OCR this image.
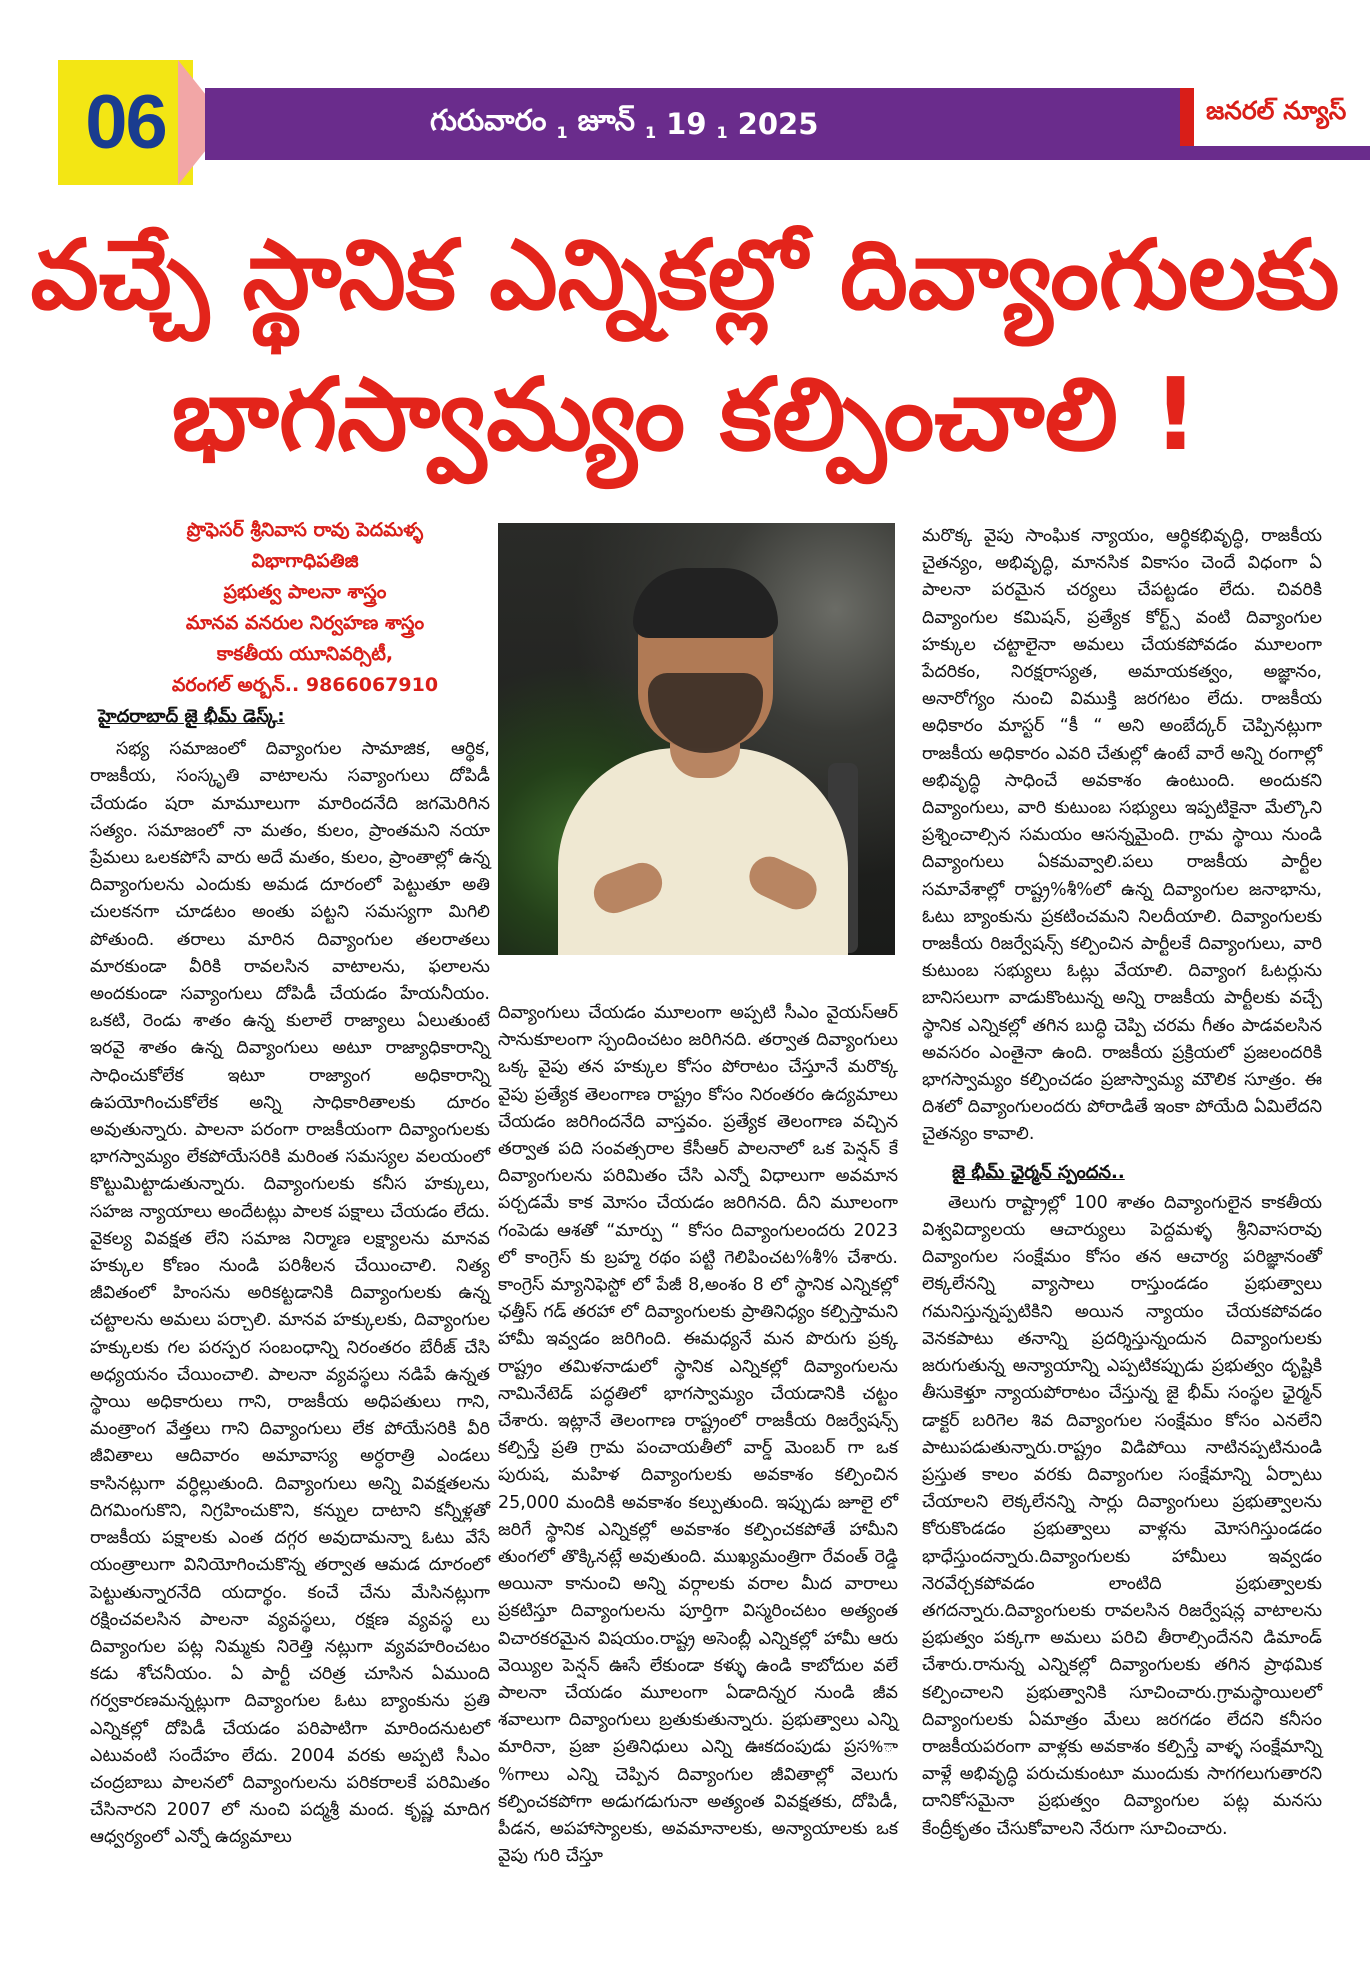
06	గురువారం 1 జూన్ 1 19 1 2025	జనరల్ న్యూస్
వచ్చే స్థానిక ఎన్నికల్లో దివ్యాంగులకు
భాగస్వామ్యం కల్పించాలి !
ప్రొఫెసర్ శ్రీనివాస రావు పెదమళ్ళ
విభాగాధిపతిజి
ప్రభుత్వ పాలనా శాస్త్రం
మానవ వనరుల నిర్వహణ శాస్త్రం
కాకతీయ యూనివర్సిటీ,
వరంగల్ అర్బన్.. 9866067910
హైదరాబాద్ జై భీమ్ డెస్క్:

సభ్య సమాజంలో దివ్యాంగుల సామాజిక, ఆర్థిక, రాజకీయ, సంస్కృతి వాటాలను సవ్యాంగులు దోపిడీ చేయడం షరా మామూలుగా మారిందనేది జగమెరిగిన సత్యం. సమాజంలో నా మతం, కులం, ప్రాంతమని నయా ప్రేమలు ఒలకపోసే వారు అదే మతం, కులం, ప్రాంతాల్లో ఉన్న దివ్యాంగులను ఎందుకు అమడ దూరంలో పెట్టుతూ అతి చులకనగా చూడటం అంతు పట్టని సమస్యగా మిగిలి పోతుంది. తరాలు మారిన దివ్యాంగుల తలరాతలు మారకుండా వీరికి రావలసిన వాటాలను, ఫలాలను అందకుండా సవ్యాంగులు దోపిడీ చేయడం హేయనీయం. ఒకటి, రెండు శాతం ఉన్న కులాలే రాజ్యాలు ఏలుతుంటే ఇరవై శాతం ఉన్న దివ్యాంగులు అటూ రాజ్యాధికారాన్ని సాధించుకోలేక ఇటూ రాజ్యాంగ అధికారాన్ని ఉపయోగించుకోలేక అన్ని సాధికారితాలకు దూరం అవుతున్నారు. పాలనా పరంగా రాజకీయంగా దివ్యాంగులకు భాగస్వామ్యం లేకపోయేసరికి మరింత సమస్యల వలయంలో కొట్టుమిట్టాడుతున్నారు. దివ్యాంగులకు కనీస హక్కులు, సహజ న్యాయాలు అందేటట్లు పాలక పక్షాలు చేయడం లేదు. వైకల్య వివక్షత లేని సమాజ నిర్మాణ లక్ష్యాలను మానవ హక్కుల కోణం నుండి పరిశీలన చేయించాలి. నిత్య జీవితంలో హింసను అరికట్టడానికి దివ్యాంగులకు ఉన్న చట్టాలను అమలు పర్చాలి. మానవ హక్కులకు, దివ్యాంగుల హక్కులకు గల పరస్పర సంబంధాన్ని నిరంతరం బేరీజ్ చేసి అధ్యయనం చేయించాలి. పాలనా వ్యవస్థలు నడిపే ఉన్నత స్థాయి అధికారులు గాని, రాజకీయ అధిపతులు గాని, మంత్రాంగ వేత్తలు గాని దివ్యాంగులు లేక పోయేసరికి వీరి జీవితాలు ఆదివారం అమావాస్య అర్ధరాత్రి ఎండలు కాసినట్లుగా వర్ధిల్లుతుంది. దివ్యాంగులు అన్ని వివక్షతలను దిగమింగుకొని, నిగ్రహించుకొని, కన్నుల దాటాని కన్నీళ్లతో రాజకీయ పక్షాలకు ఎంత దగ్గర అవుదామన్నా ఓటు వేసే యంత్రాలుగా వినియోగించుకొన్న తర్వాత ఆమడ దూరంలో పెట్టుతున్నారనేది యదార్థం. కంచే చేను మేసినట్లుగా రక్షించవలసిన పాలనా వ్యవస్థలు, రక్షణ వ్యవస్థ లు దివ్యాంగుల పట్ల నిమ్మకు నిరెత్తి నట్లుగా వ్యవహరించటం కడు శోచనీయం. ఏ పార్టీ చరిత్ర చూసిన ఏముంది గర్వకారణమన్నట్లుగా దివ్యాంగుల ఓటు బ్యాంకును ప్రతి ఎన్నికల్లో దోపిడీ చేయడం పరిపాటిగా మారిందనుటలో ఎటువంటి సందేహం లేదు. 2004 వరకు అప్పటి సీఎం చంద్రబాబు పాలనలో దివ్యాంగులను పరికరాలకే పరిమితం చేసినారని 2007 లో నుంచి పద్మశ్రీ మంద. కృష్ణ మాదిగ ఆధ్వర్యంలో ఎన్నో ఉద్యమాలు

దివ్యాంగులు చేయడం మూలంగా అప్పటి సీఎం వైయస్ఆర్ సానుకూలంగా స్పందించటం జరిగినది. తర్వాత దివ్యాంగులు ఒక్క వైపు తన హక్కుల కోసం పోరాటం చేస్తూనే మరొక్క వైపు ప్రత్యేక తెలంగాణ రాష్ట్రం కోసం నిరంతరం ఉద్యమాలు చేయడం జరిగిందనేది వాస్తవం. ప్రత్యేక తెలంగాణ వచ్చిన తర్వాత పది సంవత్సరాల కేసీఆర్ పాలనాలో ఒక పెన్షన్ కే దివ్యాంగులను పరిమితం చేసి ఎన్నో విధాలుగా అవమాన పర్చడమే కాక మోసం చేయడం జరిగినది. దీని మూలంగా గంపెడు ఆశతో “మార్పు “ కోసం దివ్యాంగులందరు 2023 లో కాంగ్రెస్ కు బ్రహ్మ రథం పట్టి గెలిపించట%శీ% చేశారు. కాంగ్రెస్ మ్యానిఫెస్టో లో పేజీ 8,అంశం 8 లో స్థానిక ఎన్నికల్లో ఛత్తీస్ గడ్ తరహా లో దివ్యాంగులకు ప్రాతినిధ్యం కల్పిస్తామని హామీ ఇవ్వడం జరిగింది. ఈమధ్యనే మన పొరుగు ప్రక్క రాష్ట్రం తమిళనాడులో స్థానిక ఎన్నికల్లో దివ్యాంగులను నామినేటెడ్ పద్ధతిలో భాగస్వామ్యం చేయడానికి చట్టం చేశారు. ఇట్లానే తెలంగాణ రాష్ట్రంలో రాజకీయ రిజర్వేషన్స్ కల్పిస్తే ప్రతి గ్రామ పంచాయతీలో వార్డ్ మెంబర్ గా ఒక పురుష, మహిళ దివ్యాంగులకు అవకాశం కల్పించిన 25,000 మందికి అవకాశం కల్పుతుంది. ఇప్పుడు జూలై లో జరిగే స్థానిక ఎన్నికల్లో అవకాశం కల్పించకపోతే హామీని తుంగలో తొక్కినట్లే అవుతుంది. ముఖ్యమంత్రిగా రేవంత్ రెడ్డి అయినా కానుంచి అన్ని వర్గాలకు వరాల మీద వారాలు ప్రకటిస్తూ దివ్యాంగులను పూర్తిగా విస్మరించటం అత్యంత విచారకరమైన విషయం.రాష్ట్ర అసెంబ్లీ ఎన్నికల్లో హామీ ఆరు వెయ్యిల పెన్షన్ ఊసే లేకుండా కళ్ళు ఉండి కాబోదుల వలే పాలనా చేయడం మూలంగా ఏడాదిన్నర నుండి జీవ శవాలుగా దివ్యాంగులు బ్రతుకుతున్నారు. ప్రభుత్వాలు ఎన్ని మారినా, ప్రజా ప్రతినిధులు ఎన్ని ఊకదంపుడు ప్రస%ా%గాలు ఎన్ని చెప్పిన దివ్యాంగుల జీవితాల్లో వెలుగు కల్పించకపోగా అడుగడుగునా అత్యంత వివక్షతకు, దోపిడీ, పీడన, అపహాస్యాలకు, అవమానాలకు, అన్యాయాలకు ఒక వైపు గురి చేస్తూ

మరొక్క వైపు సాంఘిక న్యాయం, ఆర్థికభివృద్ధి, రాజకీయ చైతన్యం, అభివృద్ధి, మానసిక వికాసం చెందే విధంగా ఏ పాలనా పరమైన చర్యలు చేపట్టడం లేదు. చివరికి దివ్యాంగుల కమిషన్, ప్రత్యేక కోర్ట్స్ వంటి దివ్యాంగుల హక్కుల చట్టాలైనా అమలు చేయకపోవడం మూలంగా పేదరికం, నిరక్షరాస్యత, అమాయకత్వం, అజ్ఞానం, అనారోగ్యం నుంచి విముక్తి జరగటం లేదు. రాజకీయ అధికారం మాస్టర్ “కీ “ అని అంబేద్కర్ చెప్పినట్లుగా రాజకీయ అధికారం ఎవరి చేతుల్లో ఉంటే వారే అన్ని రంగాల్లో అభివృద్ధి సాధించే అవకాశం ఉంటుంది. అందుకని దివ్యాంగులు, వారి కుటుంబ సభ్యులు ఇప్పటికైనా మేల్కొని ప్రశ్నించాల్సిన సమయం ఆసన్నమైంది. గ్రామ స్థాయి నుండి దివ్యాంగులు ఏకమవ్వాలి.పలు రాజకీయ పార్టీల సమావేశాల్లో రాష్ట్ర%శీ%లో ఉన్న దివ్యాంగుల జనాభాను, ఓటు బ్యాంకును ప్రకటించమని నిలదీయాలి. దివ్యాంగులకు రాజకీయ రిజర్వేషన్స్ కల్పించిన పార్టీలకే దివ్యాంగులు, వారి కుటుంబ సభ్యులు ఓట్లు వేయాలి. దివ్యాంగ ఓటర్లును బానిసలుగా వాడుకొంటున్న అన్ని రాజకీయ పార్టీలకు వచ్చే స్థానిక ఎన్నికల్లో తగిన బుద్ధి చెప్పి చరమ గీతం పాడవలసిన అవసరం ఎంతైనా ఉంది. రాజకీయ ప్రక్రియలో ప్రజలందరికి భాగస్వామ్యం కల్పించడం ప్రజాస్వామ్య మౌలిక సూత్రం. ఈ దిశలో దివ్యాంగులందరు పోరాడితే ఇంకా పోయేది ఏమిలేదని చైతన్యం కావాలి.

జై భీమ్ ఛైర్మన్ స్పందన..

తెలుగు రాష్ట్రాల్లో 100 శాతం దివ్యాంగులైన కాకతీయ విశ్వవిద్యాలయ ఆచార్యులు పెద్దమళ్ళ శ్రీనివాసరావు దివ్యాంగుల సంక్షేమం కోసం తన ఆచార్య పరిజ్ఞానంతో లెక్కలేనన్ని వ్యాసాలు రాస్తుండడం ప్రభుత్వాలు గమనిస్తున్నప్పటికిని అయిన న్యాయం చేయకపోవడం వెనకపాటు తనాన్ని ప్రదర్శిస్తున్నందున దివ్యాంగులకు జరుగుతున్న అన్యాయాన్ని ఎప్పటికప్పుడు ప్రభుత్వం దృష్టికి తీసుకెళ్తూ న్యాయపోరాటం చేస్తున్న జై భీమ్ సంస్థల ఛైర్మన్ డాక్టర్ బరిగెల శివ దివ్యాంగుల సంక్షేమం కోసం ఎనలేని పాటుపడుతున్నారు.రాష్ట్రం విడిపోయి నాటినప్పటినుండి ప్రస్తుత కాలం వరకు దివ్యాంగుల సంక్షేమాన్ని ఏర్పాటు చేయాలని లెక్కలేనన్ని సార్లు దివ్యాంగులు ప్రభుత్వాలను కోరుకొండడం ప్రభుత్వాలు వాళ్లను మోసగిస్తుండడం భాధేస్తుందన్నారు.దివ్యాంగులకు హామీలు ఇవ్వడం నెరవేర్చకపోవడం లాంటిది ప్రభుత్వాలకు తగదన్నారు.దివ్యాంగులకు రావలసిన రిజర్వేషన్ల వాటాలను ప్రభుత్వం పక్కగా అమలు పరిచి తీరాల్సిందేనని డిమాండ్ చేశారు.రానున్న ఎన్నికల్లో దివ్యాంగులకు తగిన ప్రాథమిక కల్పించాలని ప్రభుత్వానికి సూచించారు.గ్రామస్థాయిలలో దివ్యాంగులకు ఏమాత్రం మేలు జరగడం లేదని కనీసం రాజకీయపరంగా వాళ్లకు అవకాశం కల్పిస్తే వాళ్ళ సంక్షేమాన్ని వాళ్లే అభివృద్ధి పరుచుకుంటూ ముందుకు సాగగలుగుతారని దానికోసమైనా ప్రభుత్వం దివ్యాంగుల పట్ల మనసు కేంద్రీకృతం చేసుకోవాలని నేరుగా సూచించారు.
